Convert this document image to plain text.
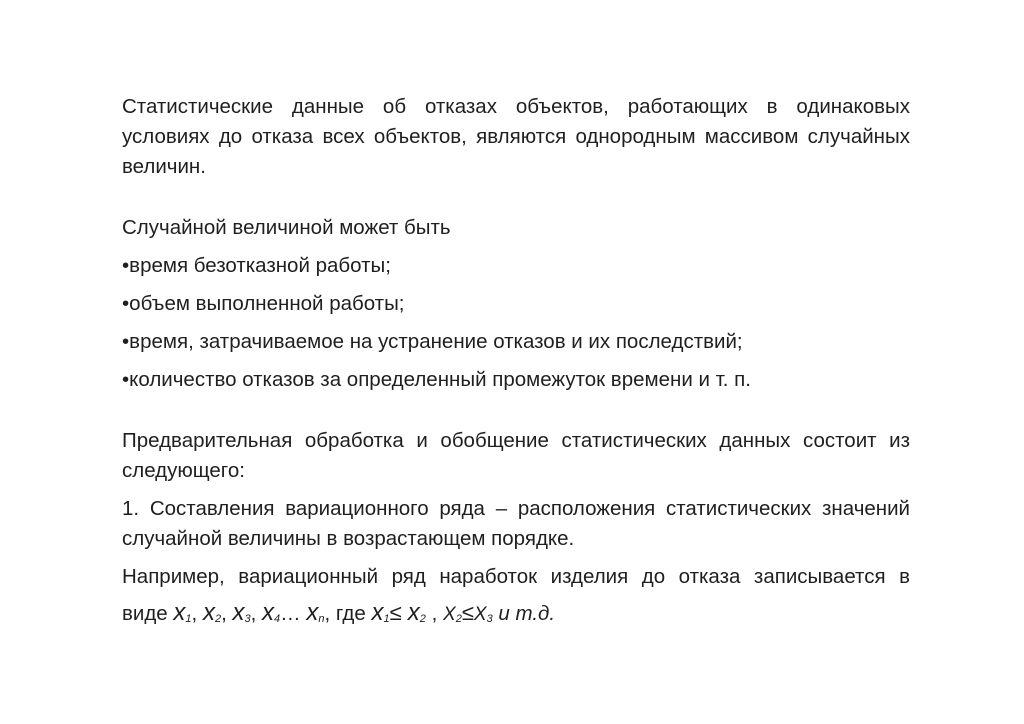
Статистические данные об отказах объектов, работающих в одинаковых условиях до отказа всех объектов, являются однородным массивом случайных величин.

Случайной величиной может быть

•время безотказной работы;

•объем выполненной работы;

•время, затрачиваемое на устранение отказов и их последствий;

•количество отказов за определенный промежуток времени и т. п.

Предварительная обработка и обобщение статистических данных состоит из следующего:

1. Составления вариационного ряда – расположения статистических значений случайной величины в возрастающем порядке.

Например, вариационный ряд наработок изделия до отказа записывается в

виде $x_1$, $x_2$, $x_3$, $x_4\dots$ $x_n$, где $x_1\le x_2$ , $X_2\le X_3$ и т.д.
